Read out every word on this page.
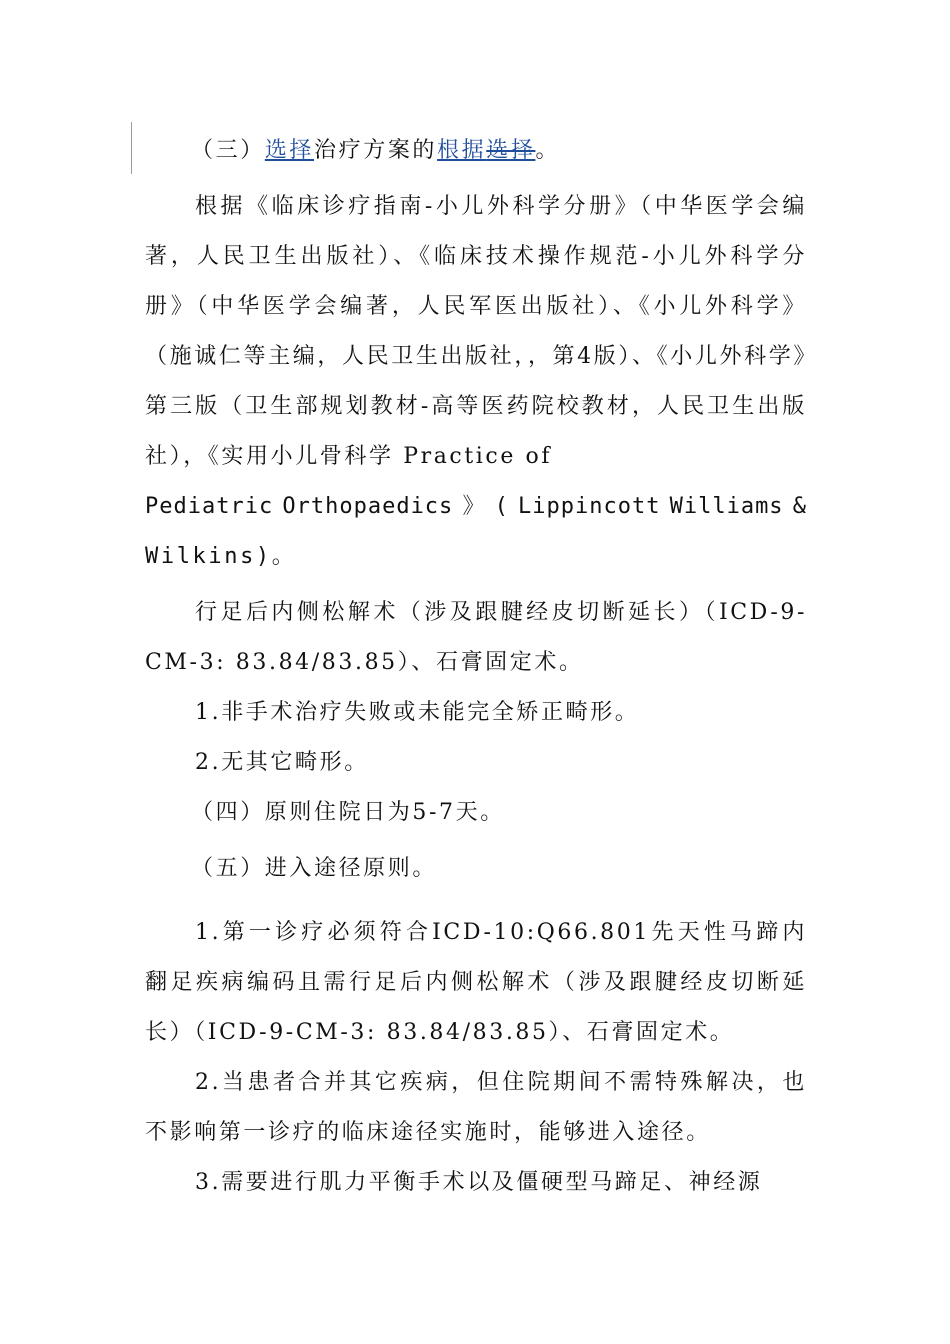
（三）选择治疗方案的根据选择。

根据《临床诊疗指南-小儿外科学分册》（中华医学会编著，人民卫生出版社）、《临床技术操作规范-小儿外科学分册》（中华医学会编著，人民军医出版社）、《小儿外科学》（施诚仁等主编，人民卫生出版社，，第4版）、《小儿外科学》第三版（卫生部规划教材-高等医药院校教材，人民卫生出版社），《实用小儿骨科学 Practice of

Pediatric Orthopaedics 》 ( Lippincott Williams &

Wilkins)。

行足后内侧松解术（涉及跟腱经皮切断延长）（ICD-9-CM-3: 83.84/83.85）、石膏固定术。

1.非手术治疗失败或未能完全矫正畸形。

2.无其它畸形。

（四）原则住院日为5-7天。

（五）进入途径原则。

1.第一诊疗必须符合ICD-10:Q66.801先天性马蹄内翻足疾病编码且需行足后内侧松解术（涉及跟腱经皮切断延长）（ICD-9-CM-3: 83.84/83.85）、石膏固定术。

2.当患者合并其它疾病，但住院期间不需特殊解决，也不影响第一诊疗的临床途径实施时，能够进入途径。

3.需要进行肌力平衡手术以及僵硬型马蹄足、神经源
